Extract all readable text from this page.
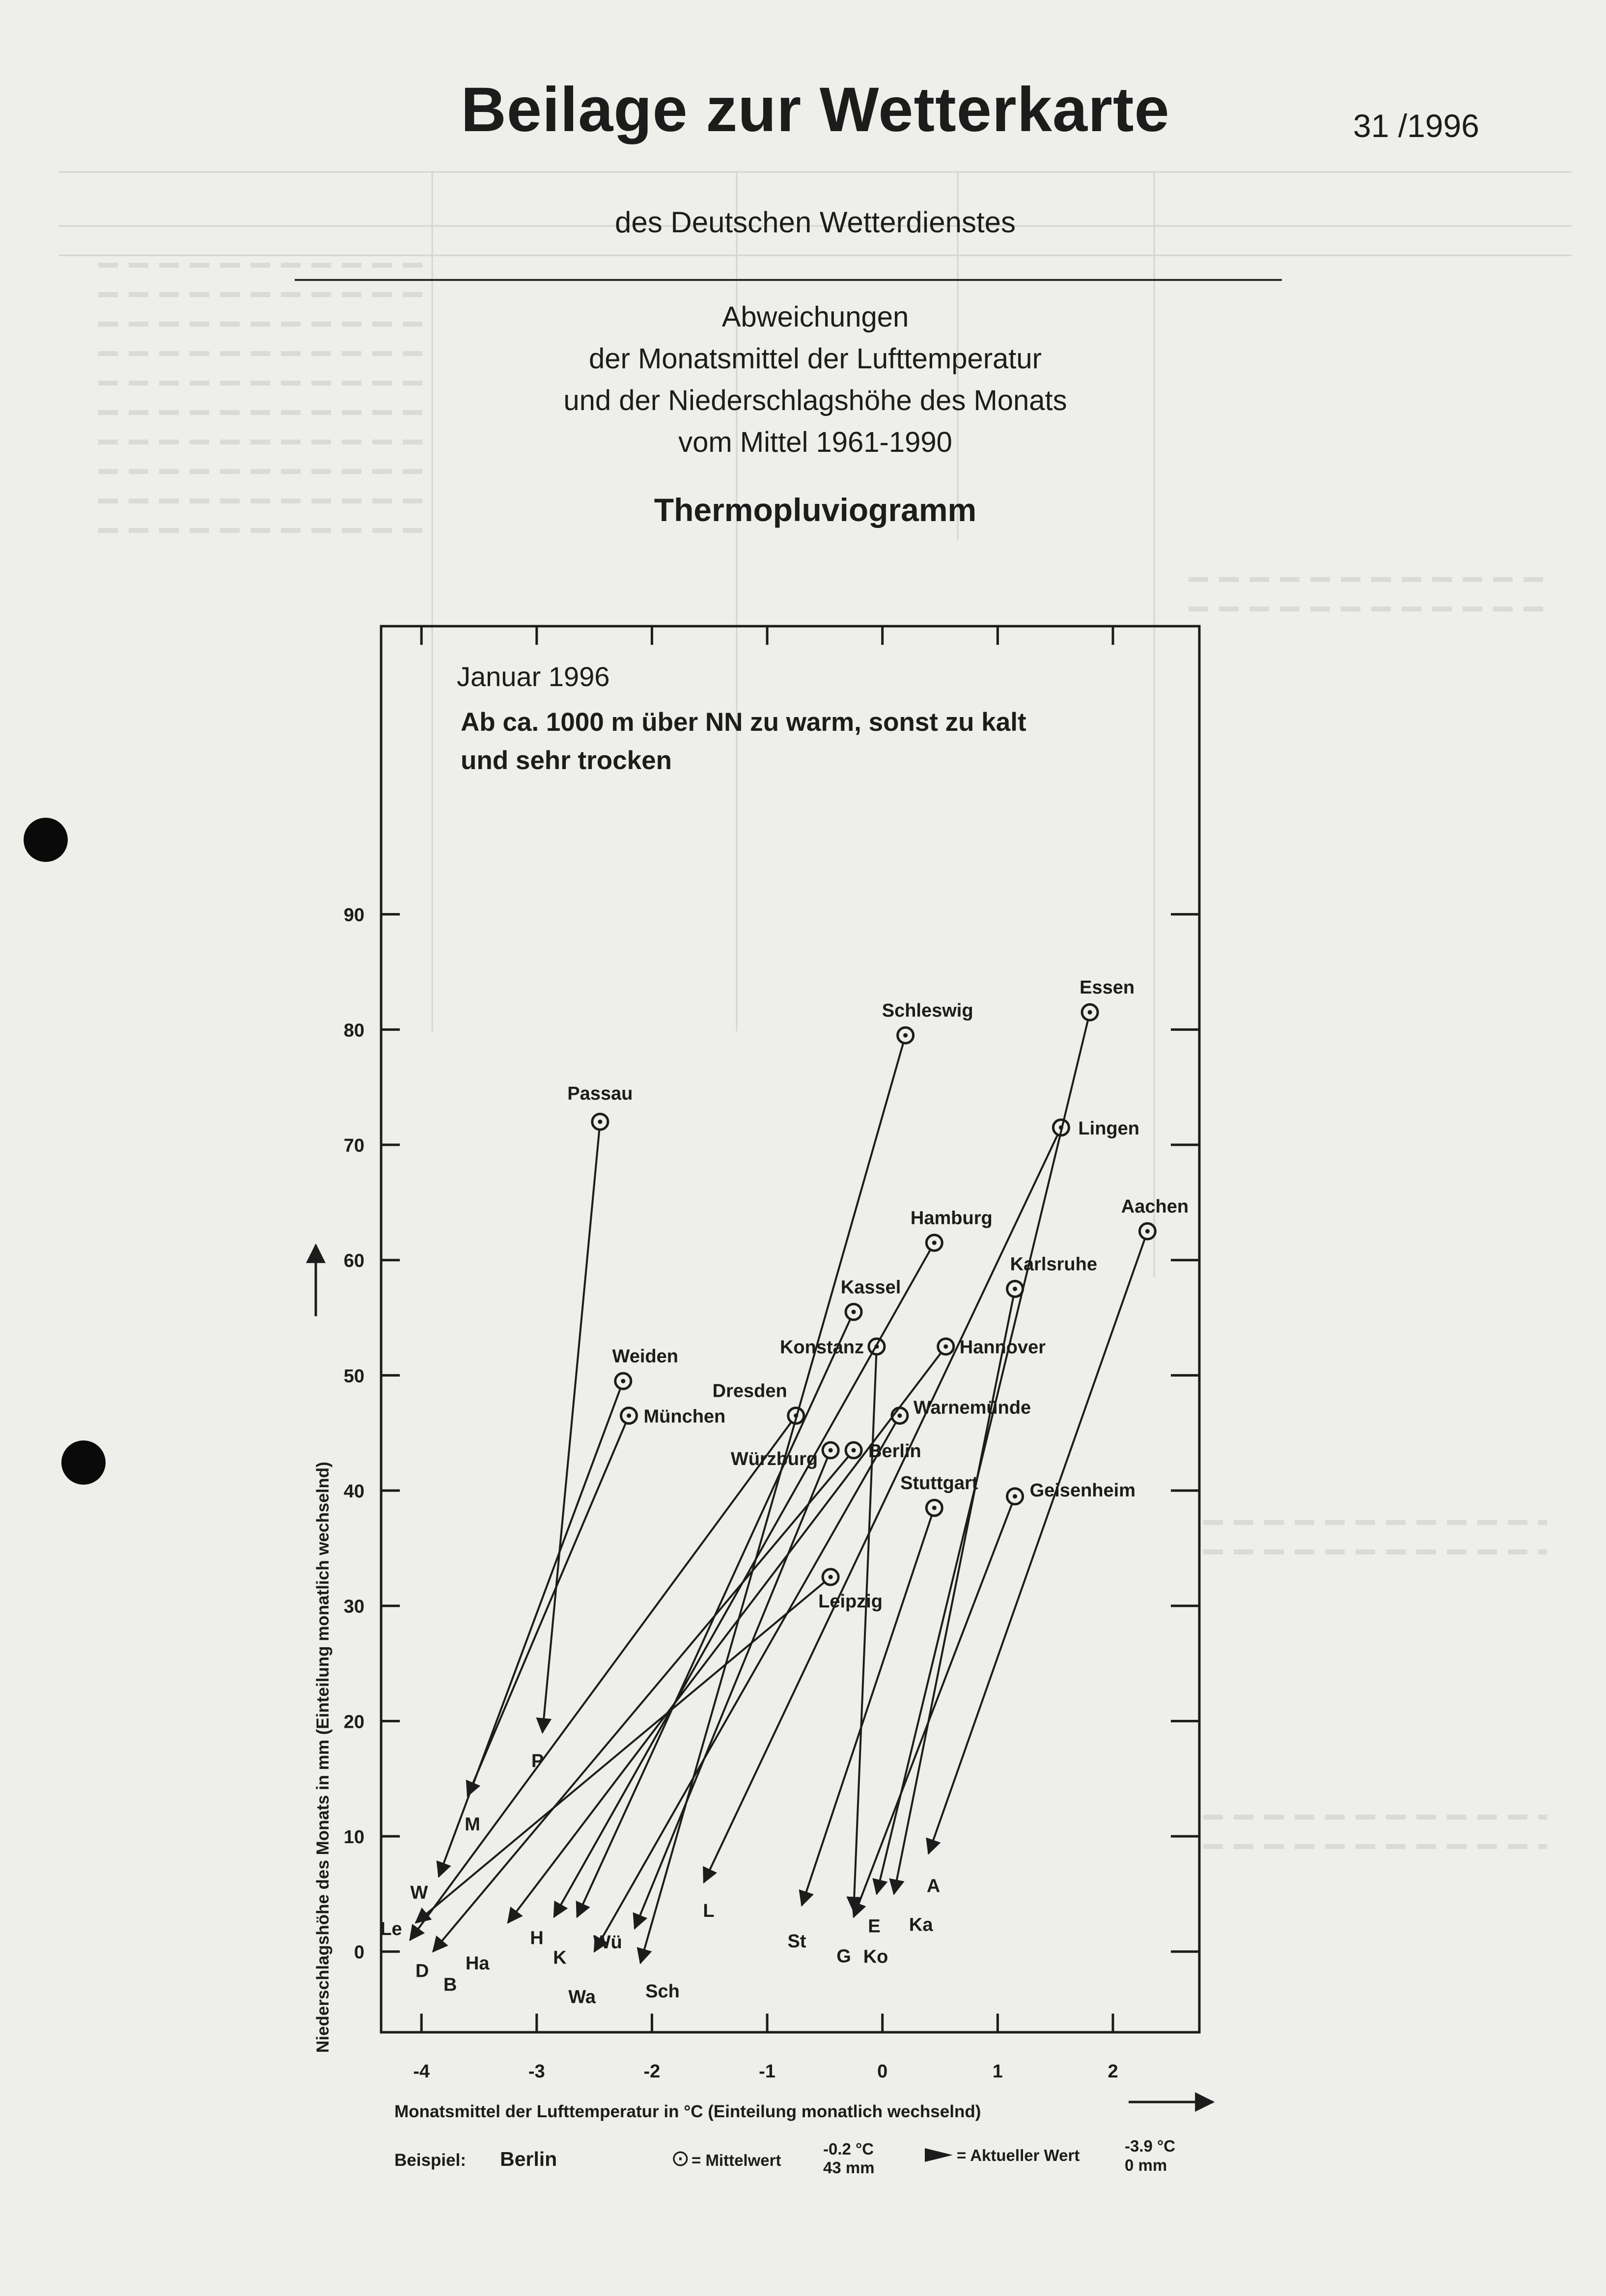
Beilage zur Wetterkarte	31 /1996
des Deutschen Wetterdienstes
Abweichungen
der Monatsmittel der Lufttemperatur
und der Niederschlagshöhe des Monats
vom Mittel 1961-1990
Thermopluviogramm
-4	-3	-2	-1	0	1	2
0
10
20
30
40
50
60
70
80
90
Passau
Schleswig
Essen
Lingen
Aachen
Hamburg
Karlsruhe
Kassel
Konstanz	Hannover
Weiden
Dresden
München	Warnemünde
Würzburg	Berlin
Stuttgart	Geisenheim
Leipzig
P
Sch
E
L
A
H
Ka
K	Ko
Ha
W
D
M
Wa
Wü
B
St
G
Le
Januar 1996
Ab ca. 1000 m über NN zu warm, sonst zu kalt
und sehr trocken
Monatsmittel der Lufttemperatur in °C (Einteilung monatlich wechselnd)
Niederschlagshöhe des Monats in mm (Einteilung monatlich wechselnd)
Beispiel: Berlin	⊙ = Mittelwert
-0.2 °C
43 mm
= Aktueller Wert
-3.9 °C
0 mm
